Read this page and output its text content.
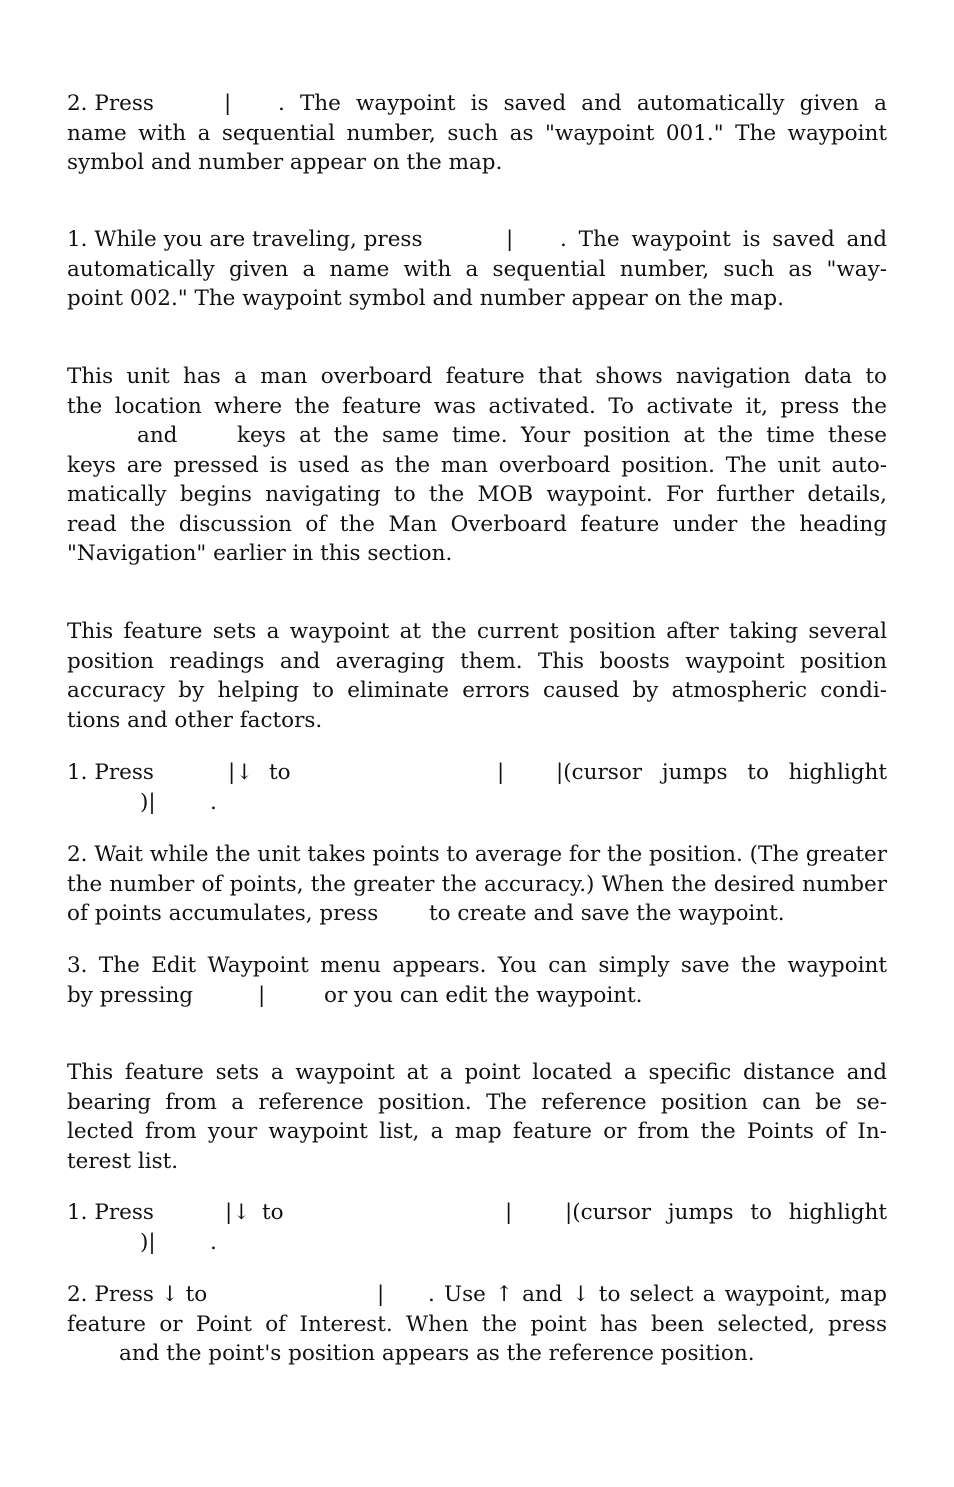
2. Press	| . The waypoint is saved and automatically given a
name with a sequential number, such as "waypoint 001." The waypoint
symbol and number appear on the map.
1. While you are traveling, press	| . The waypoint is saved and
automatically given a name with a sequential number, such as "way-
point 002." The waypoint symbol and number appear on the map.
This unit has a man overboard feature that shows navigation data to
the location where the feature was activated. To activate it, press the
and	keys at the same time. Your position at the time these
keys are pressed is used as the man overboard position. The unit auto-
matically begins navigating to the MOB waypoint. For further details,
read the discussion of the Man Overboard feature under the heading
"Navigation" earlier in this section.
This feature sets a waypoint at the current position after taking several
position readings and averaging them. This boosts waypoint position
accuracy by helping to eliminate errors caused by atmospheric condi-
tions and other factors.
1. Press	|↓ to	| |(cursor jumps to highlight
)|	.
2. Wait while the unit takes points to average for the position. (The greater
the number of points, the greater the accuracy.) When the desired number
of points accumulates, press to create and save the waypoint.
3. The Edit Waypoint menu appears. You can simply save the waypoint
by pressing	|	or you can edit the waypoint.
This feature sets a waypoint at a point located a specific distance and
bearing from a reference position. The reference position can be se-
lected from your waypoint list, a map feature or from the Points of In-
terest list.
1. Press	|↓ to	| |(cursor jumps to highlight
)|	.
2. Press ↓ to	| . Use ↑ and ↓ to select a waypoint, map
feature or Point of Interest. When the point has been selected, press
and the point's position appears as the reference position.
